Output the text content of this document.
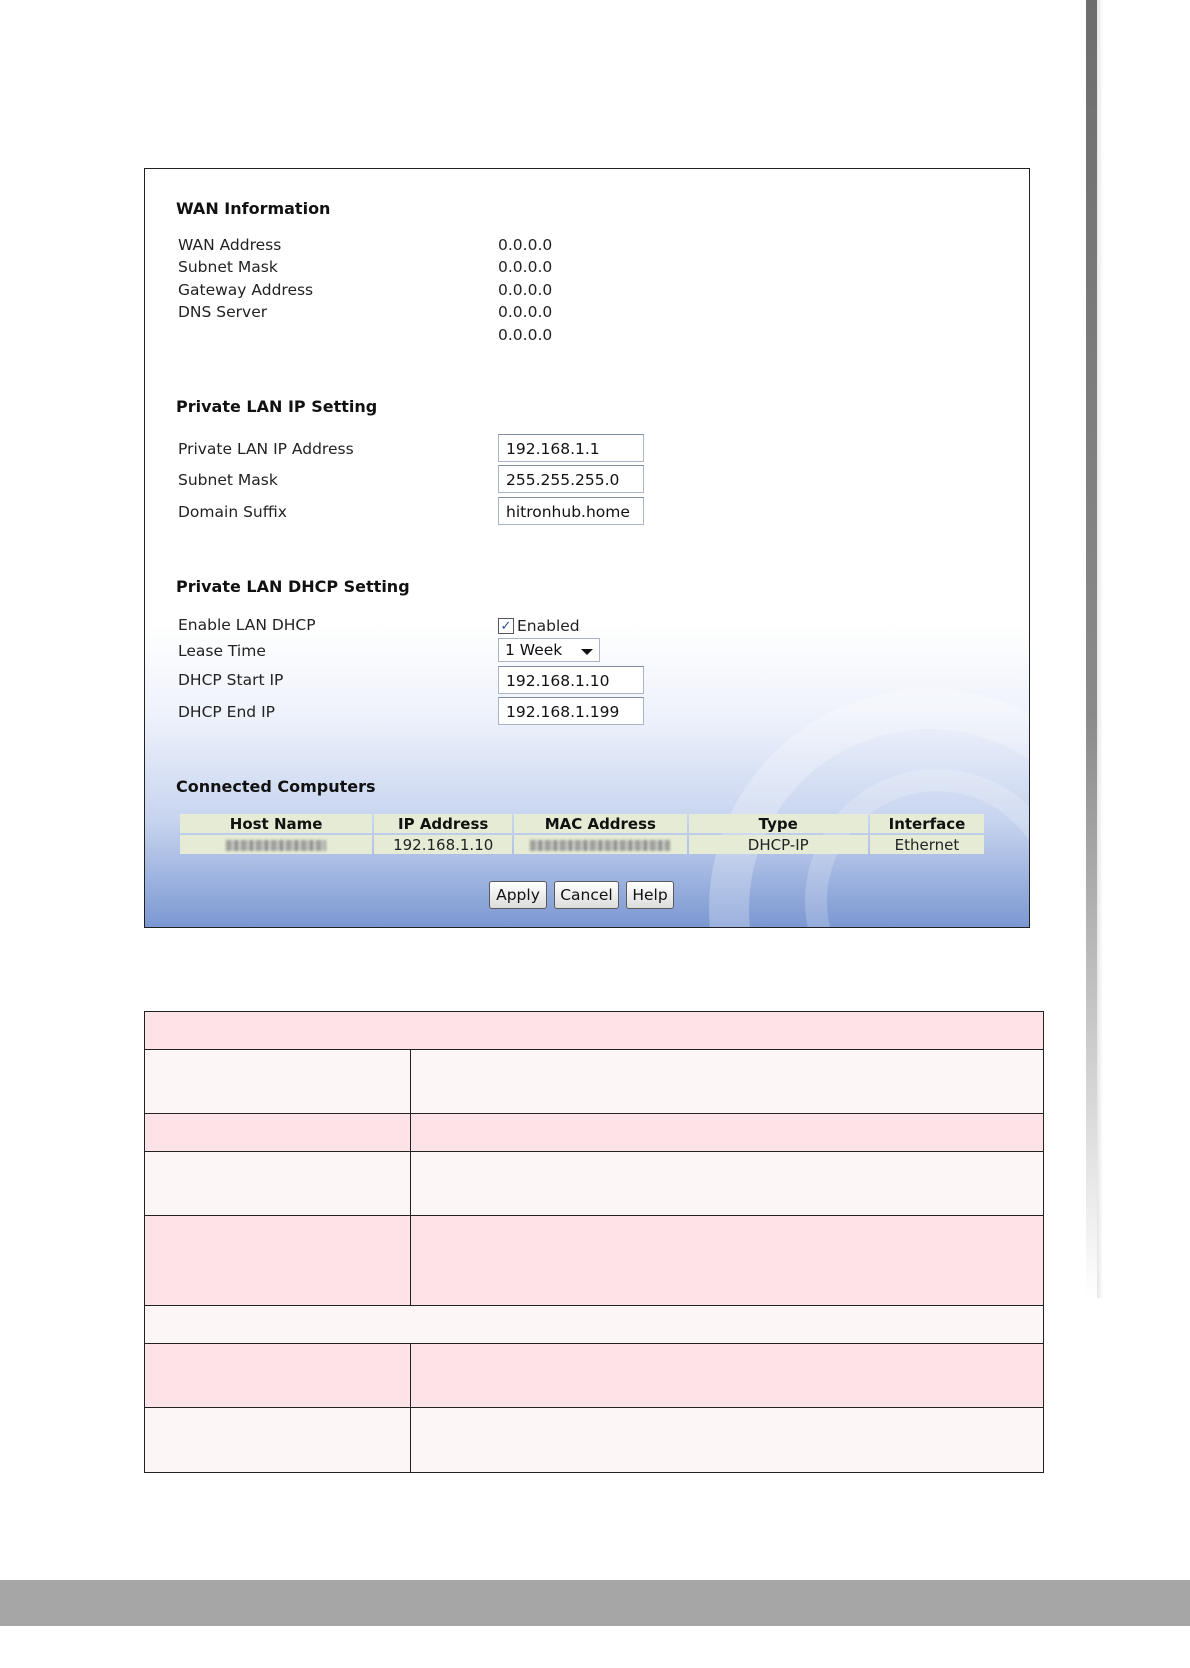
WAN Information
WAN Address	0.0.0.0
Subnet Mask	0.0.0.0
Gateway Address	0.0.0.0
DNS Server	0.0.0.0
0.0.0.0
Private LAN IP Setting
Private LAN IP Address	192.168.1.1
Subnet Mask	255.255.255.0
Domain Suffix	hitronhub.home
Private LAN DHCP Setting
Enable LAN DHCP	✓ Enabled
Lease Time	1 Week
DHCP Start IP	192.168.1.10
DHCP End IP	192.168.1.199
Connected Computers
Host Name	IP Address	MAC Address	Type	Interface
	192.168.1.10		DHCP-IP	Ethernet
Apply	Cancel	Help
